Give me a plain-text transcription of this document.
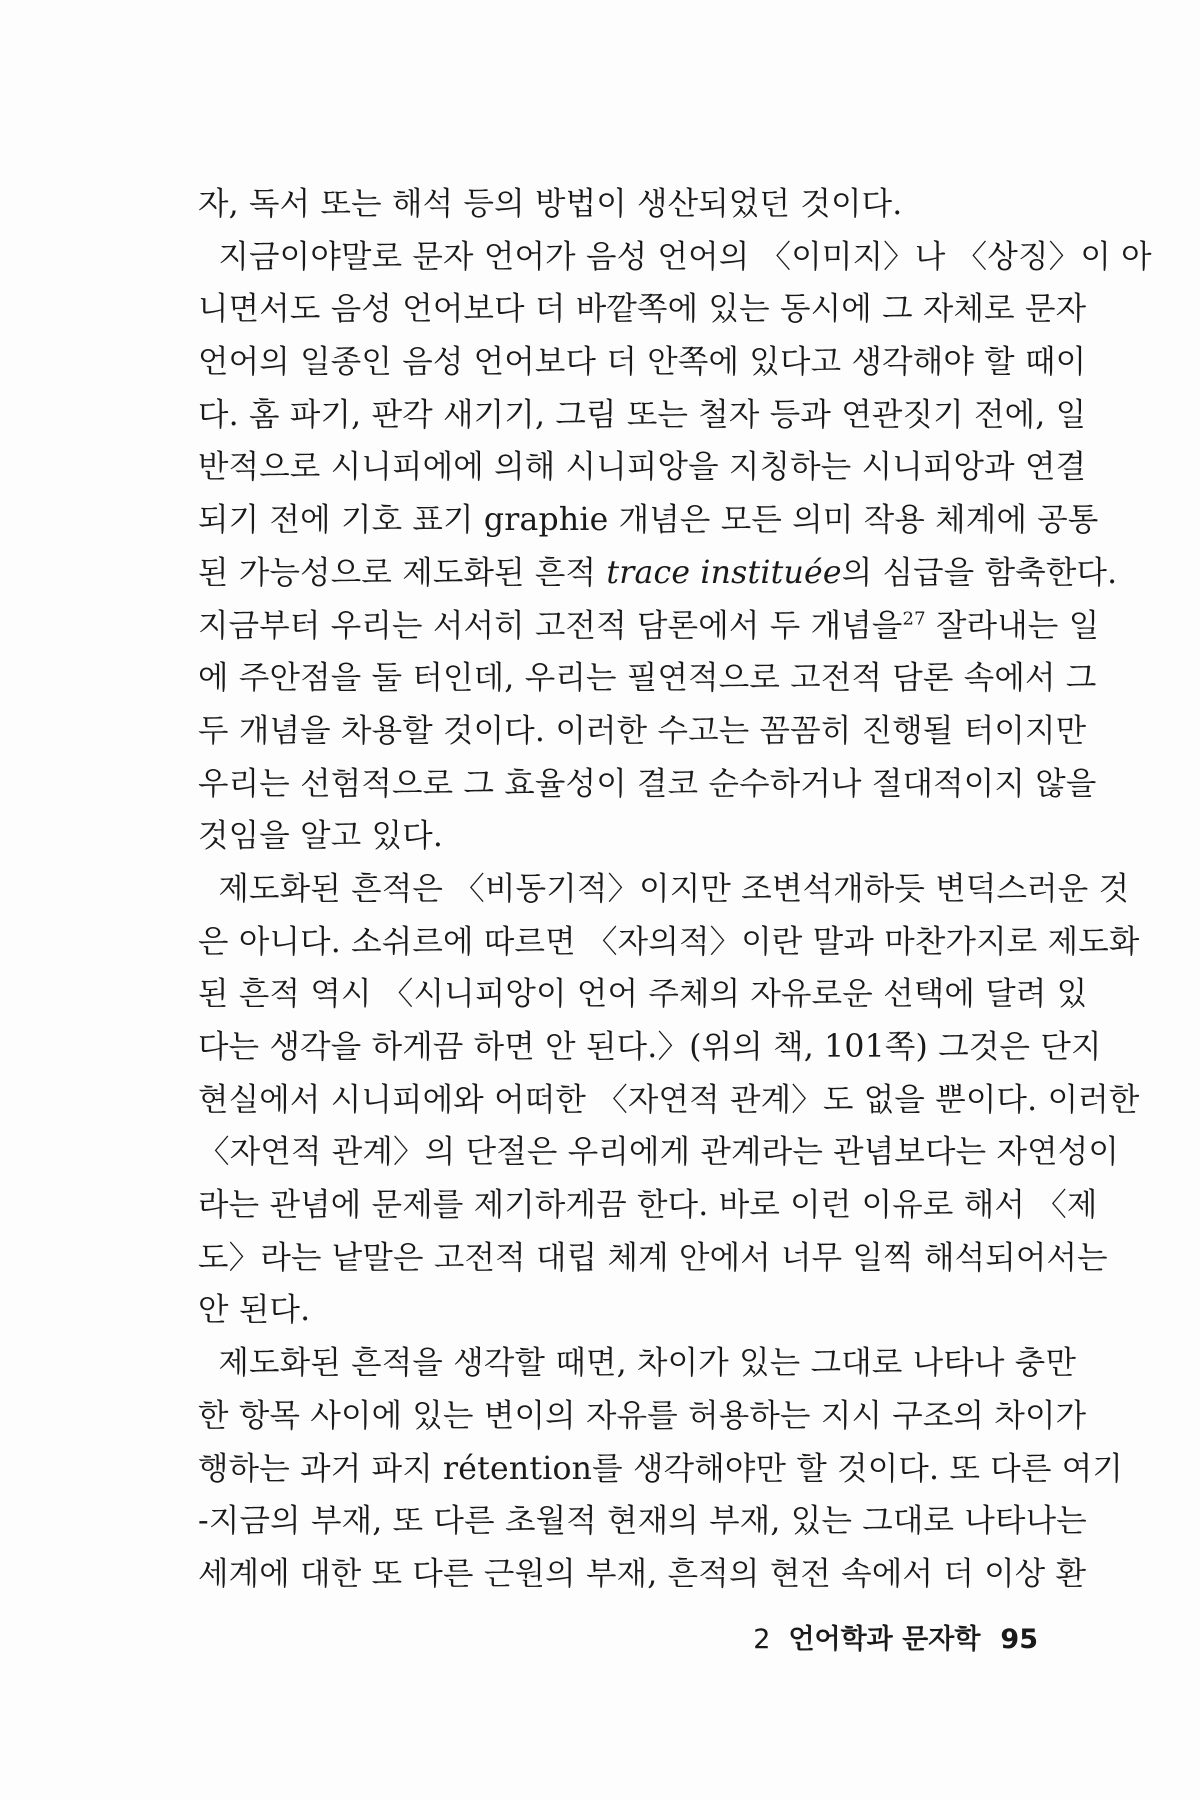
자, 독서 또는 해석 등의 방법이 생산되었던 것이다.
지금이야말로 문자 언어가 음성 언어의 〈이미지〉나 〈상징〉이 아
니면서도 음성 언어보다 더 바깥쪽에 있는 동시에 그 자체로 문자
언어의 일종인 음성 언어보다 더 안쪽에 있다고 생각해야 할 때이
다. 홈 파기, 판각 새기기, 그림 또는 철자 등과 연관짓기 전에, 일
반적으로 시니피에에 의해 시니피앙을 지칭하는 시니피앙과 연결
되기 전에 기호 표기 graphie 개념은 모든 의미 작용 체계에 공통
된 가능성으로 제도화된 흔적 trace instituée의 심급을 함축한다.
지금부터 우리는 서서히 고전적 담론에서 두 개념을$^{27}$ 잘라내는 일
에 주안점을 둘 터인데, 우리는 필연적으로 고전적 담론 속에서 그
두 개념을 차용할 것이다. 이러한 수고는 꼼꼼히 진행될 터이지만
우리는 선험적으로 그 효율성이 결코 순수하거나 절대적이지 않을
것임을 알고 있다.
제도화된 흔적은 〈비동기적〉이지만 조변석개하듯 변덕스러운 것
은 아니다. 소쉬르에 따르면 〈자의적〉이란 말과 마찬가지로 제도화
된 흔적 역시 〈시니피앙이 언어 주체의 자유로운 선택에 달려 있
다는 생각을 하게끔 하면 안 된다.〉(위의 책, 101쪽) 그것은 단지
현실에서 시니피에와 어떠한 〈자연적 관계〉도 없을 뿐이다. 이러한
〈자연적 관계〉의 단절은 우리에게 관계라는 관념보다는 자연성이
라는 관념에 문제를 제기하게끔 한다. 바로 이런 이유로 해서 〈제
도〉라는 낱말은 고전적 대립 체계 안에서 너무 일찍 해석되어서는
안 된다.
제도화된 흔적을 생각할 때면, 차이가 있는 그대로 나타나 충만
한 항목 사이에 있는 변이의 자유를 허용하는 지시 구조의 차이가
행하는 과거 파지 rétention를 생각해야만 할 것이다. 또 다른 여기
-지금의 부재, 또 다른 초월적 현재의 부재, 있는 그대로 나타나는
세계에 대한 또 다른 근원의 부재, 흔적의 현전 속에서 더 이상 환
2 언어학과 문자학 95
